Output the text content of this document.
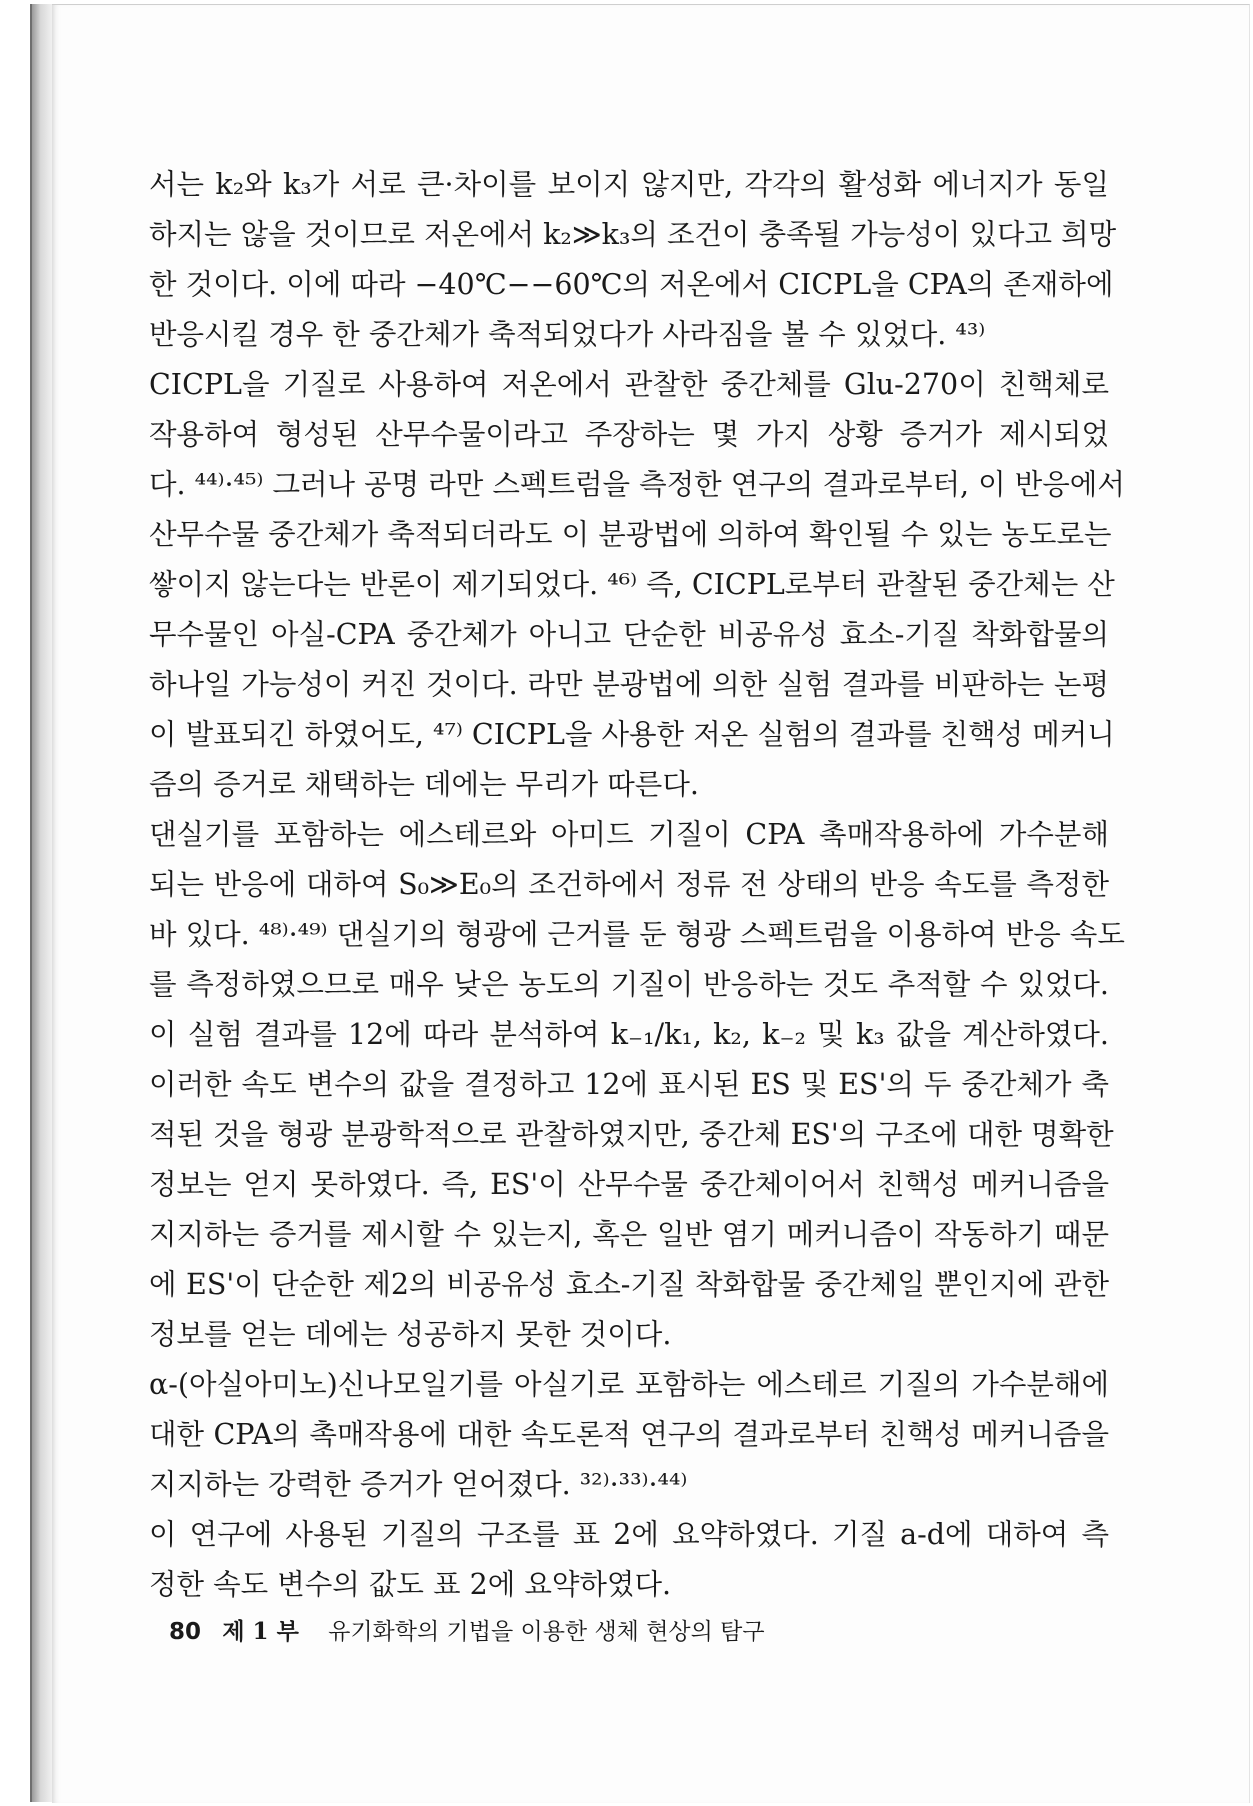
서는 k₂와 k₃가 서로 큰·차이를 보이지 않지만, 각각의 활성화 에너지가 동일
하지는 않을 것이므로 저온에서 k₂≫k₃의 조건이 충족될 가능성이 있다고 희망
한 것이다. 이에 따라 −40℃−−60℃의 저온에서 CICPL을 CPA의 존재하에
반응시킬 경우 한 중간체가 축적되었다가 사라짐을 볼 수 있었다. ⁴³⁾
CICPL을 기질로 사용하여 저온에서 관찰한 중간체를 Glu-270이 친핵체로
작용하여 형성된 산무수물이라고 주장하는 몇 가지 상황 증거가 제시되었
다. ⁴⁴⁾·⁴⁵⁾ 그러나 공명 라만 스펙트럼을 측정한 연구의 결과로부터, 이 반응에서
산무수물 중간체가 축적되더라도 이 분광법에 의하여 확인될 수 있는 농도로는
쌓이지 않는다는 반론이 제기되었다. ⁴⁶⁾ 즉, CICPL로부터 관찰된 중간체는 산
무수물인 아실-CPA 중간체가 아니고 단순한 비공유성 효소-기질 착화합물의
하나일 가능성이 커진 것이다. 라만 분광법에 의한 실험 결과를 비판하는 논평
이 발표되긴 하였어도, ⁴⁷⁾ CICPL을 사용한 저온 실험의 결과를 친핵성 메커니
즘의 증거로 채택하는 데에는 무리가 따른다.
댄실기를 포함하는 에스테르와 아미드 기질이 CPA 촉매작용하에 가수분해
되는 반응에 대하여 S₀≫E₀의 조건하에서 정류 전 상태의 반응 속도를 측정한
바 있다. ⁴⁸⁾·⁴⁹⁾ 댄실기의 형광에 근거를 둔 형광 스펙트럼을 이용하여 반응 속도
를 측정하였으므로 매우 낮은 농도의 기질이 반응하는 것도 추적할 수 있었다.
이 실험 결과를 12에 따라 분석하여 k₋₁/k₁, k₂, k₋₂ 및 k₃ 값을 계산하였다.
이러한 속도 변수의 값을 결정하고 12에 표시된 ES 및 ES'의 두 중간체가 축
적된 것을 형광 분광학적으로 관찰하였지만, 중간체 ES'의 구조에 대한 명확한
정보는 얻지 못하였다. 즉, ES'이 산무수물 중간체이어서 친핵성 메커니즘을
지지하는 증거를 제시할 수 있는지, 혹은 일반 염기 메커니즘이 작동하기 때문
에 ES'이 단순한 제2의 비공유성 효소-기질 착화합물 중간체일 뿐인지에 관한
정보를 얻는 데에는 성공하지 못한 것이다.
α-(아실아미노)신나모일기를 아실기로 포함하는 에스테르 기질의 가수분해에
대한 CPA의 촉매작용에 대한 속도론적 연구의 결과로부터 친핵성 메커니즘을
지지하는 강력한 증거가 얻어졌다. ³²⁾·³³⁾·⁴⁴⁾
이 연구에 사용된 기질의 구조를 표 2에 요약하였다. 기질 a-d에 대하여 측
정한 속도 변수의 값도 표 2에 요약하였다.
80 제 1 부 유기화학의 기법을 이용한 생체 현상의 탐구
